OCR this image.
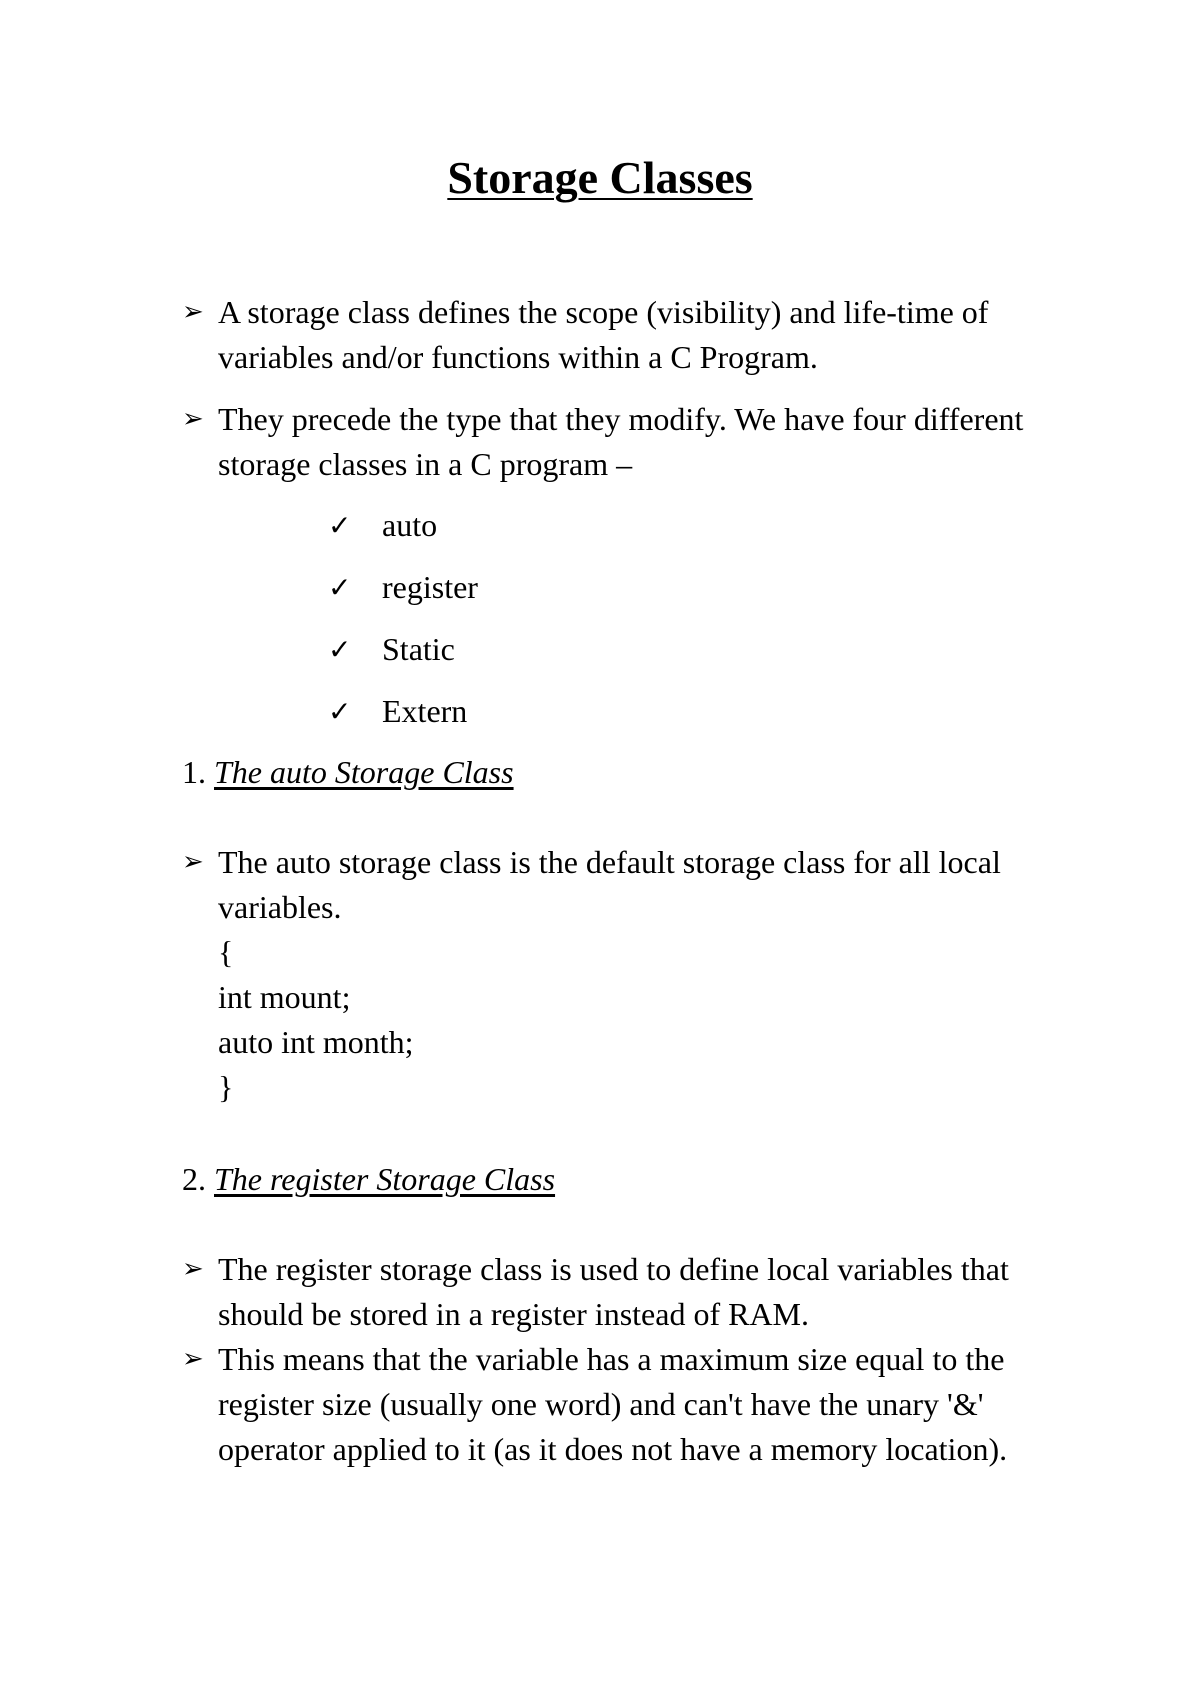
Storage Classes
➢ A storage class defines the scope (visibility) and life-time of variables and/or functions within a C Program.
➢ They precede the type that they modify. We have four different storage classes in a C program –
✓ auto
✓ register
✓ Static
✓ Extern
1. The auto Storage Class
➢ The auto storage class is the default storage class for all local variables.
{
int mount;
auto int month;
}
2. The register Storage Class
➢ The register storage class is used to define local variables that should be stored in a register instead of RAM.
➢ This means that the variable has a maximum size equal to the register size (usually one word) and can't have the unary '&' operator applied to it (as it does not have a memory location).
